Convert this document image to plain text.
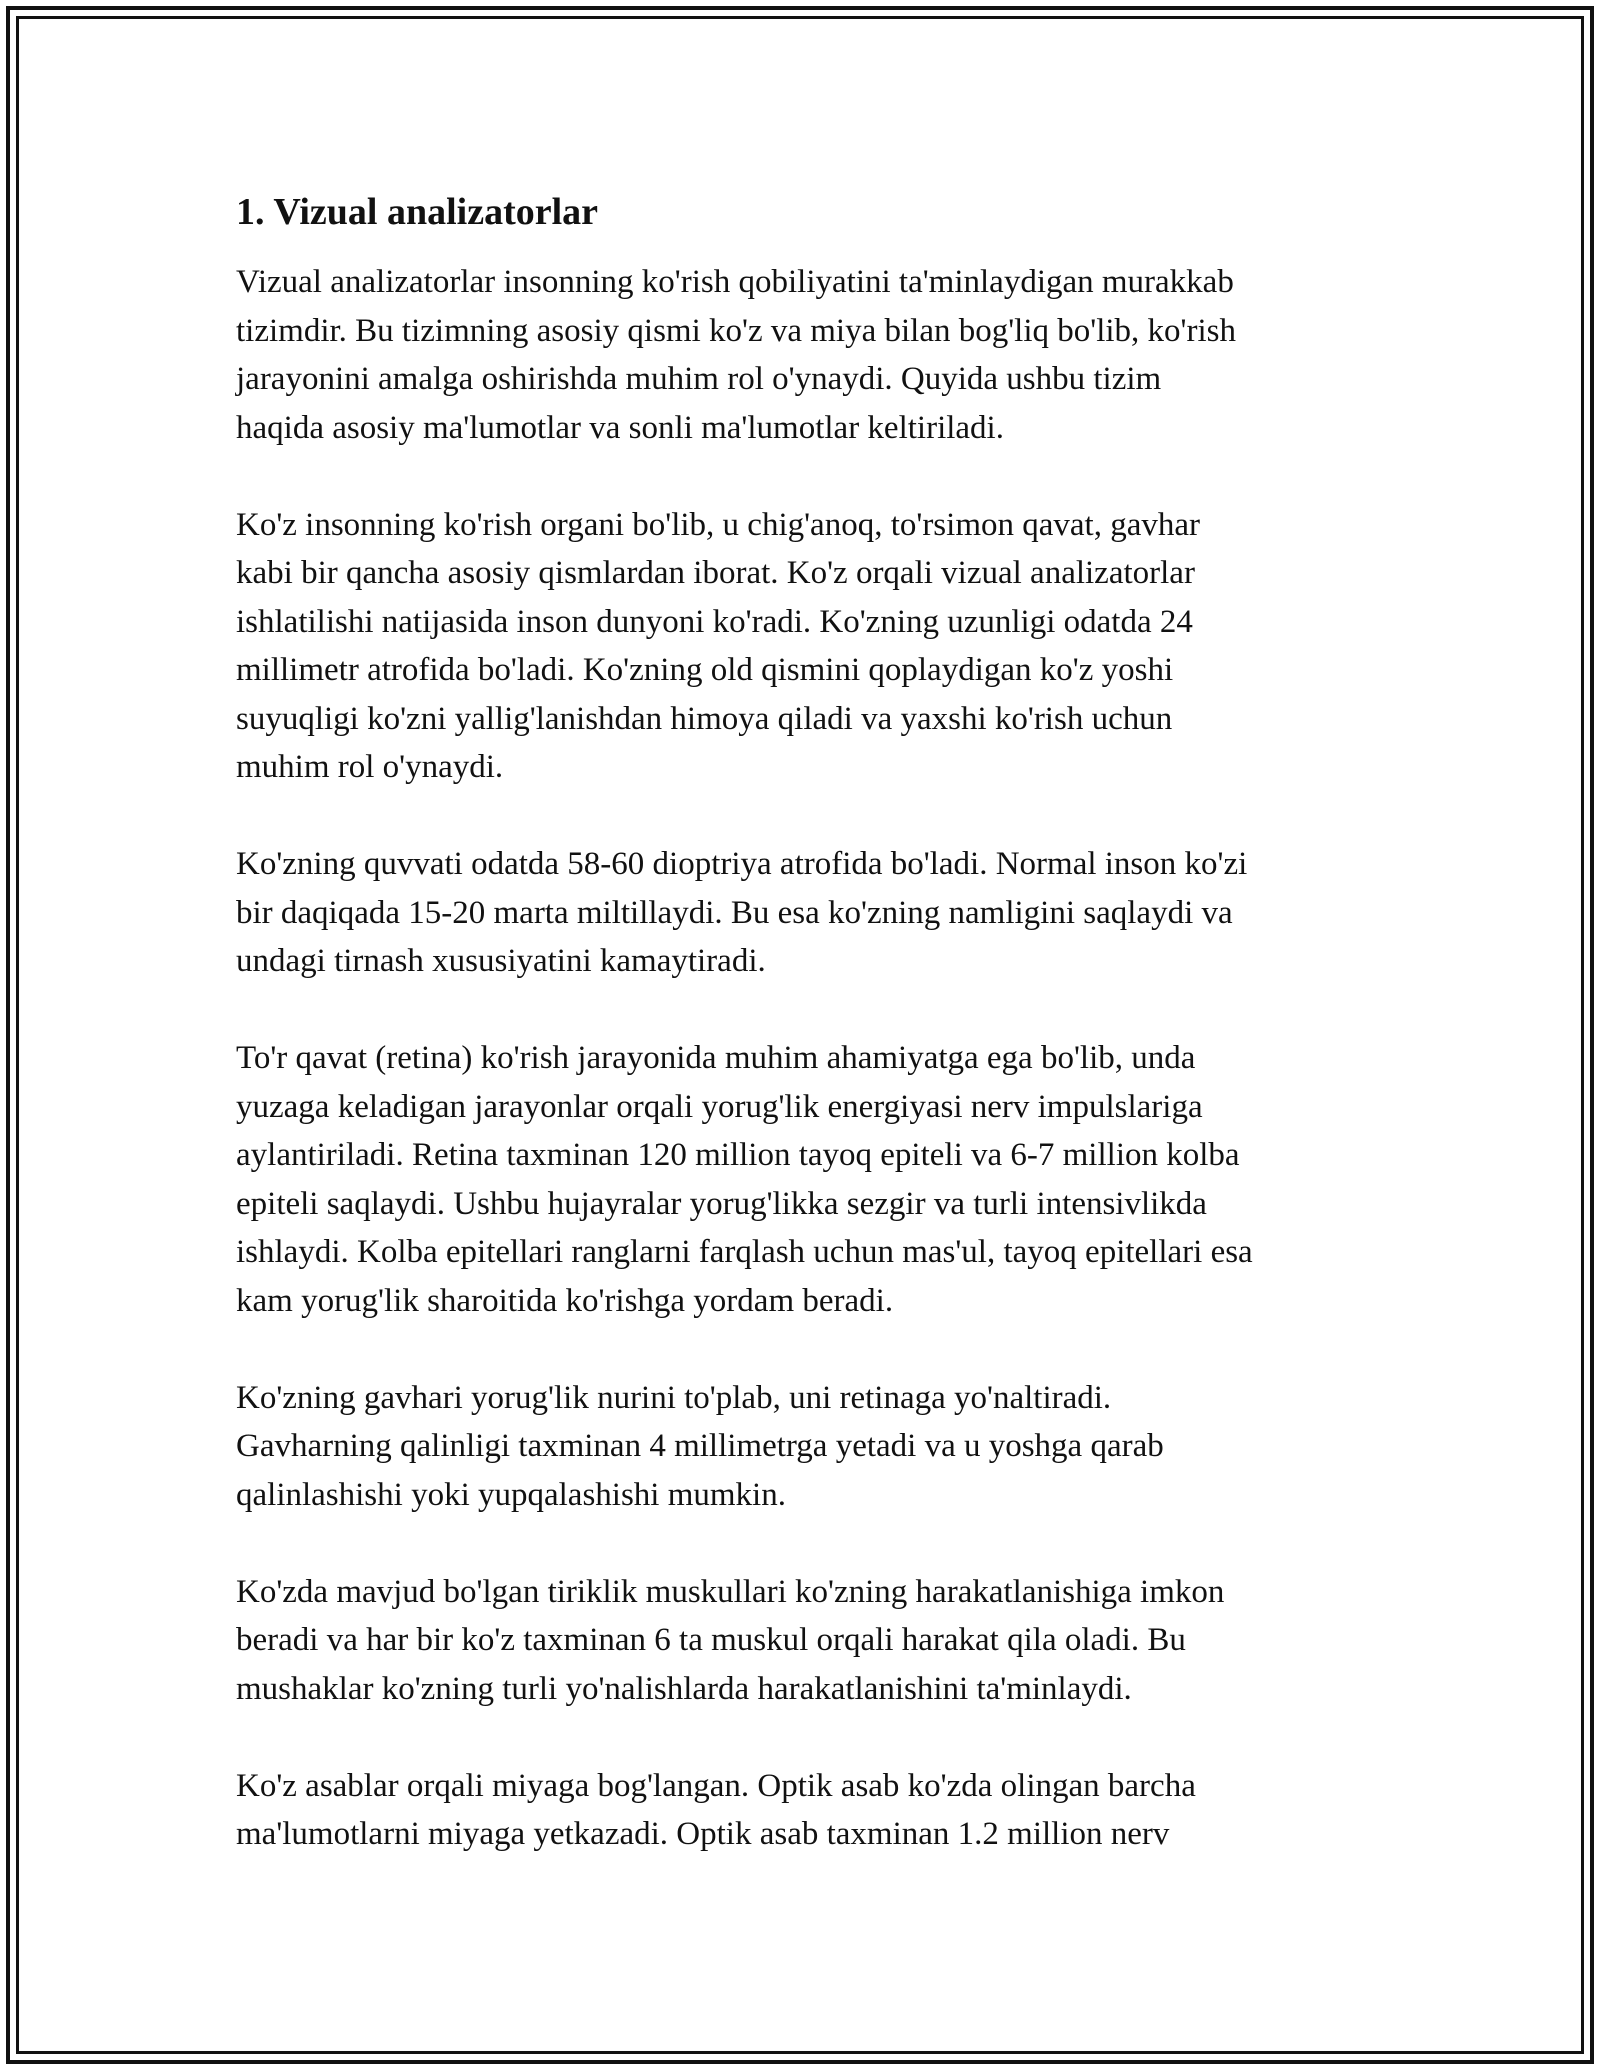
1. Vizual analizatorlar

Vizual analizatorlar insonning ko'rish qobiliyatini ta'minlaydigan murakkab
tizimdir. Bu tizimning asosiy qismi ko'z va miya bilan bog'liq bo'lib, ko'rish
jarayonini amalga oshirishda muhim rol o'ynaydi. Quyida ushbu tizim
haqida asosiy ma'lumotlar va sonli ma'lumotlar keltiriladi.

Ko'z insonning ko'rish organi bo'lib, u chig'anoq, to'rsimon qavat, gavhar
kabi bir qancha asosiy qismlardan iborat. Ko'z orqali vizual analizatorlar
ishlatilishi natijasida inson dunyoni ko'radi. Ko'zning uzunligi odatda 24
millimetr atrofida bo'ladi. Ko'zning old qismini qoplaydigan ko'z yoshi
suyuqligi ko'zni yallig'lanishdan himoya qiladi va yaxshi ko'rish uchun
muhim rol o'ynaydi.

Ko'zning quvvati odatda 58-60 dioptriya atrofida bo'ladi. Normal inson ko'zi
bir daqiqada 15-20 marta miltillaydi. Bu esa ko'zning namligini saqlaydi va
undagi tirnash xususiyatini kamaytiradi.

To'r qavat (retina) ko'rish jarayonida muhim ahamiyatga ega bo'lib, unda
yuzaga keladigan jarayonlar orqali yorug'lik energiyasi nerv impulslariga
aylantiriladi. Retina taxminan 120 million tayoq epiteli va 6-7 million kolba
epiteli saqlaydi. Ushbu hujayralar yorug'likka sezgir va turli intensivlikda
ishlaydi. Kolba epitellari ranglarni farqlash uchun mas'ul, tayoq epitellari esa
kam yorug'lik sharoitida ko'rishga yordam beradi.

Ko'zning gavhari yorug'lik nurini to'plab, uni retinaga yo'naltiradi.
Gavharning qalinligi taxminan 4 millimetrga yetadi va u yoshga qarab
qalinlashishi yoki yupqalashishi mumkin.

Ko'zda mavjud bo'lgan tiriklik muskullari ko'zning harakatlanishiga imkon
beradi va har bir ko'z taxminan 6 ta muskul orqali harakat qila oladi. Bu
mushaklar ko'zning turli yo'nalishlarda harakatlanishini ta'minlaydi.

Ko'z asablar orqali miyaga bog'langan. Optik asab ko'zda olingan barcha
ma'lumotlarni miyaga yetkazadi. Optik asab taxminan 1.2 million nerv
